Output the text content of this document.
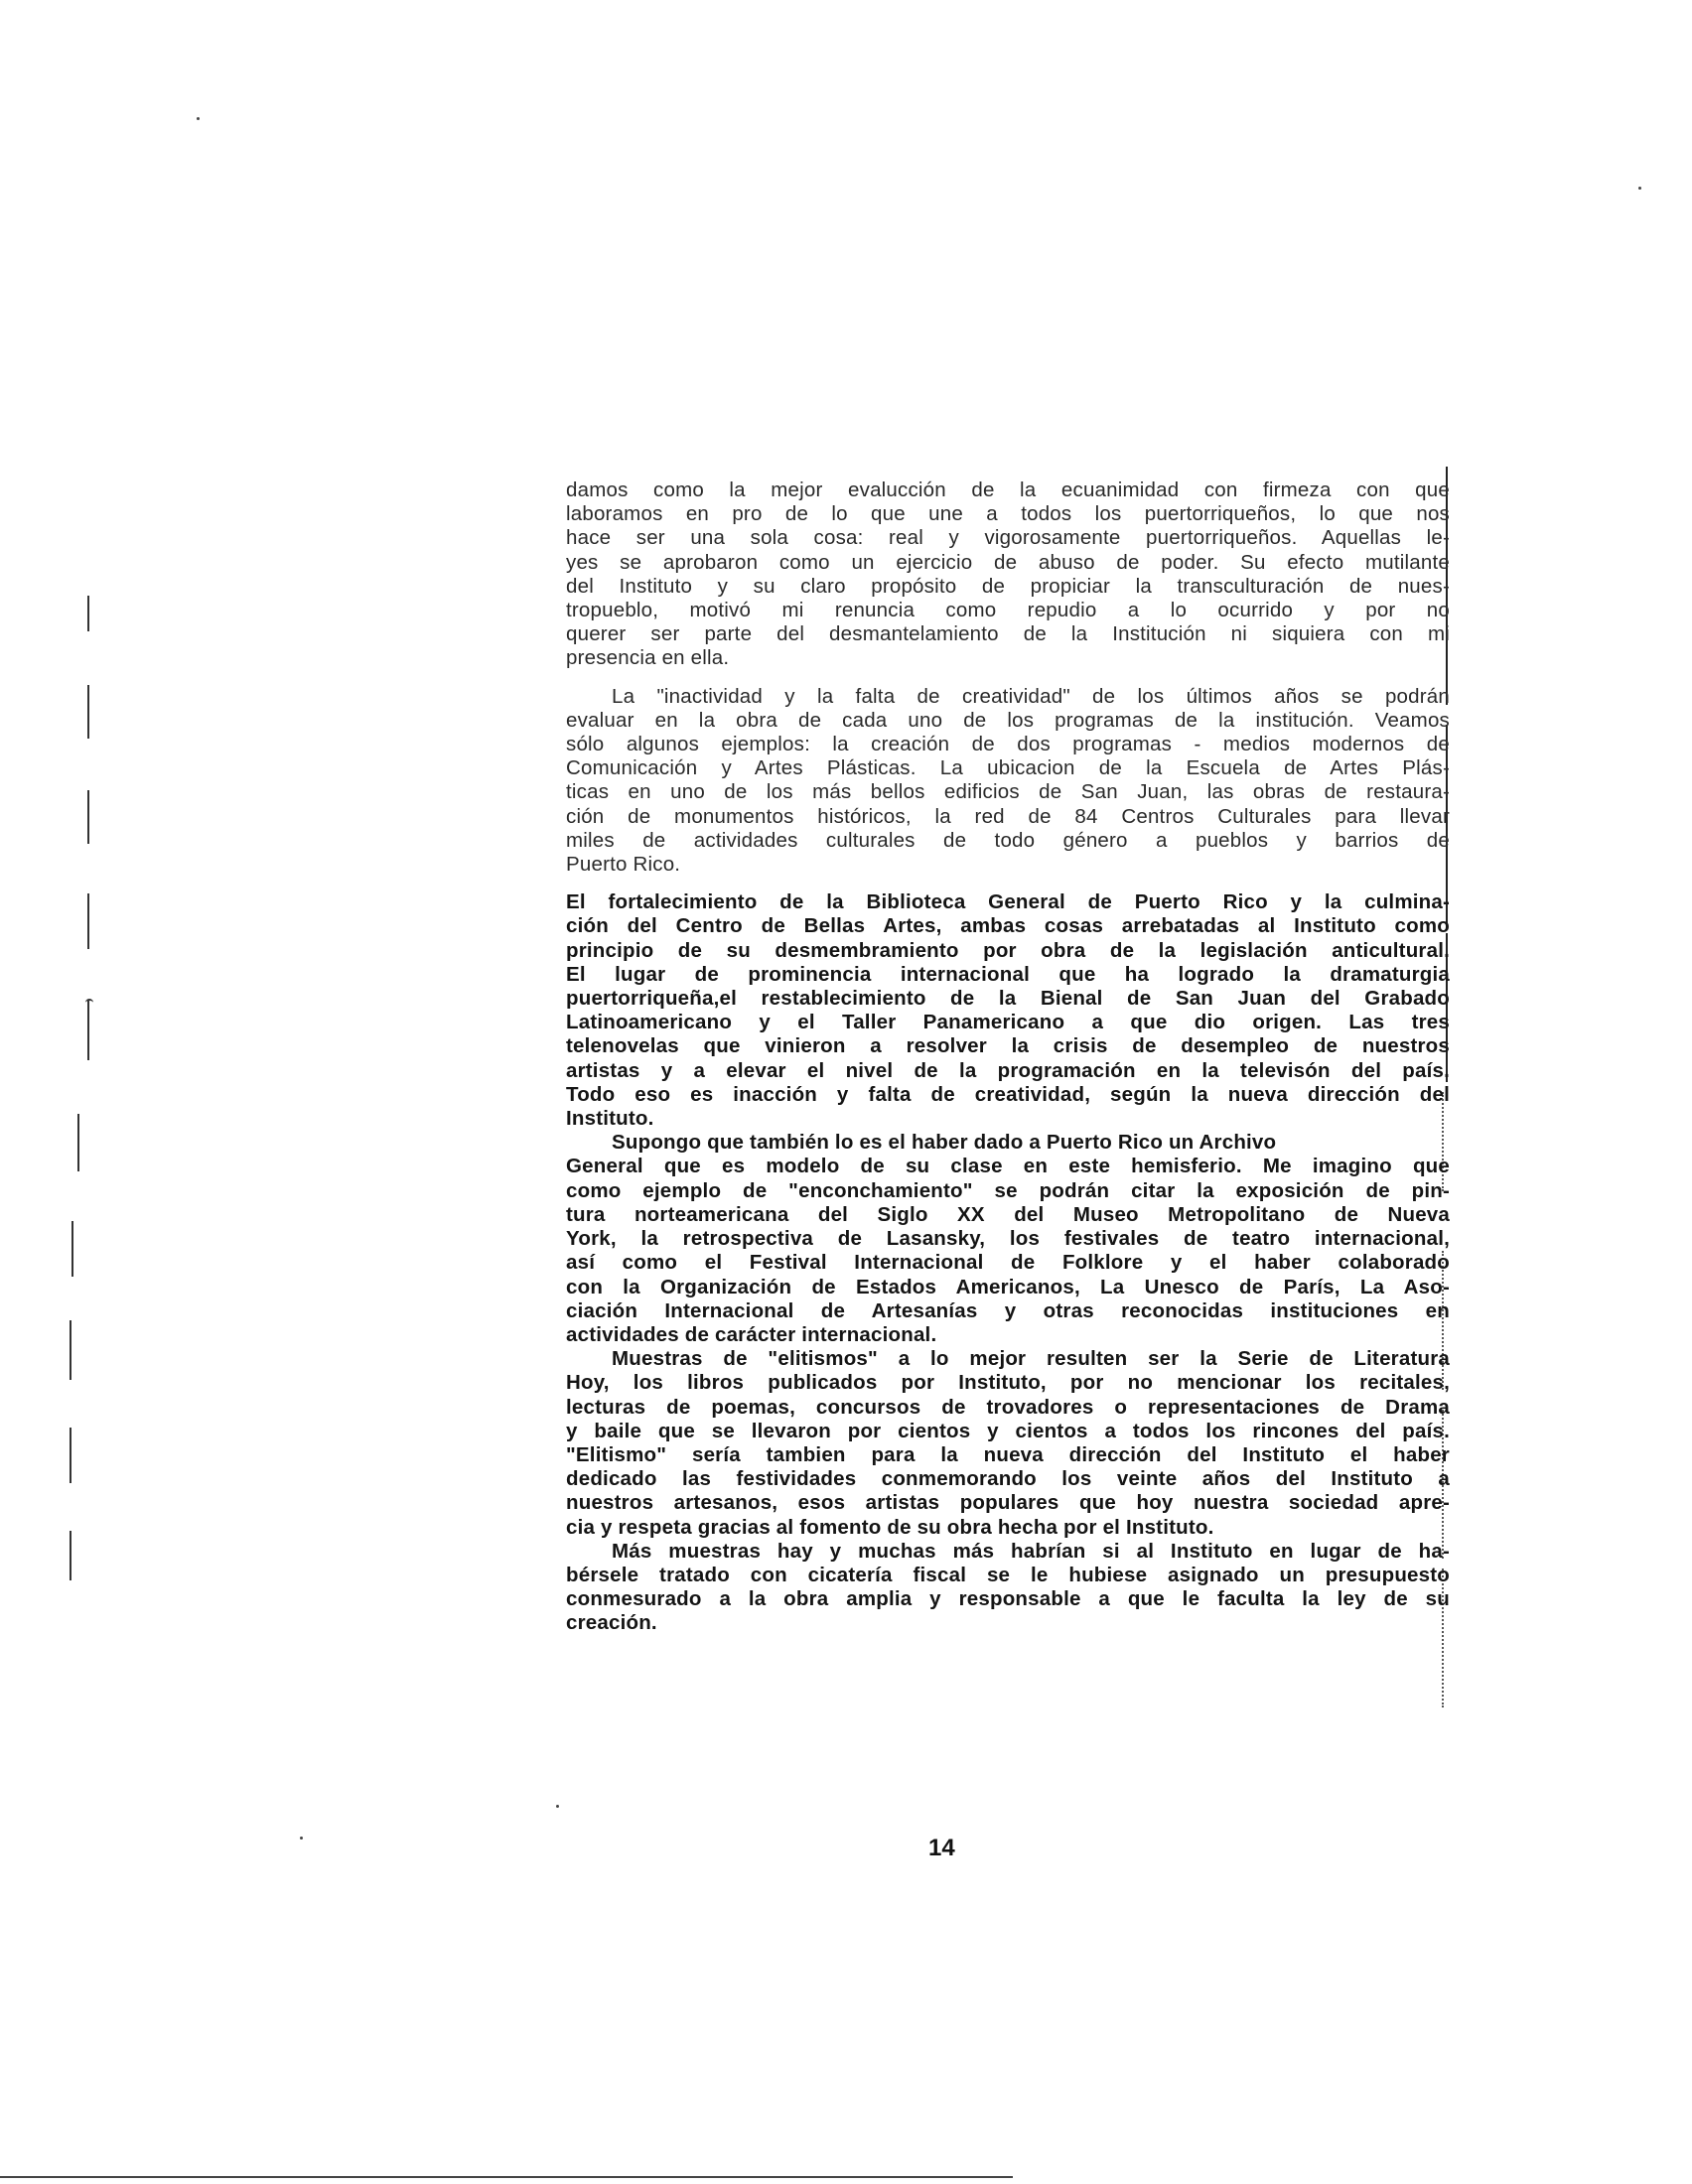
damos como la mejor evalucción de la ecuanimidad con firmeza con que
laboramos en pro de lo que une a todos los puertorriqueños, lo que nos
hace ser una sola cosa: real y vigorosamente puertorriqueños. Aquellas le-
yes se aprobaron como un ejercicio de abuso de poder. Su efecto mutilante
del Instituto y su claro propósito de propiciar la transculturación de nues-
tropueblo, motivó mi renuncia como repudio a lo ocurrido y por no
querer ser parte del desmantelamiento de la Institución ni siquiera con mi
presencia en ella.
La "inactividad y la falta de creatividad" de los últimos años se podrán
evaluar en la obra de cada uno de los programas de la institución. Veamos
sólo algunos ejemplos: la creación de dos programas - medios modernos de
Comunicación y Artes Plásticas. La ubicacion de la Escuela de Artes Plás-
ticas en uno de los más bellos edificios de San Juan, las obras de restaura-
ción de monumentos históricos, la red de 84 Centros Culturales para llevar
miles de actividades culturales de todo género a pueblos y barrios de
Puerto Rico.
El fortalecimiento de la Biblioteca General de Puerto Rico y la culmina-
ción del Centro de Bellas Artes, ambas cosas arrebatadas al Instituto como
principio de su desmembramiento por obra de la legislación anticultural.
El lugar de prominencia internacional que ha logrado la dramaturgia
puertorriqueña,el restablecimiento de la Bienal de San Juan del Grabado
Latinoamericano y el Taller Panamericano a que dio origen. Las tres
telenovelas que vinieron a resolver la crisis de desempleo de nuestros
artistas y a elevar el nivel de la programación en la televisón del país.
Todo eso es inacción y falta de creatividad, según la nueva dirección del
Instituto.
Supongo que también lo es el haber dado a Puerto Rico un Archivo
General que es modelo de su clase en este hemisferio. Me imagino que
como ejemplo de "enconchamiento" se podrán citar la exposición de pin-
tura norteamericana del Siglo XX del Museo Metropolitano de Nueva
York, la retrospectiva de Lasansky, los festivales de teatro internacional,
así como el Festival Internacional de Folklore y el haber colaborado
con la Organización de Estados Americanos, La Unesco de París, La Aso-
ciación Internacional de Artesanías y otras reconocidas instituciones en
actividades de carácter internacional.
Muestras de "elitismos" a lo mejor resulten ser la Serie de Literatura
Hoy, los libros publicados por Instituto, por no mencionar los recitales,
lecturas de poemas, concursos de trovadores o representaciones de Drama
y baile que se llevaron por cientos y cientos a todos los rincones del país.
"Elitismo" sería tambien para la nueva dirección del Instituto el haber
dedicado las festividades conmemorando los veinte años del Instituto a
nuestros artesanos, esos artistas populares que hoy nuestra sociedad apre-
cia y respeta gracias al fomento de su obra hecha por el Instituto.
Más muestras hay y muchas más habrían si al Instituto en lugar de ha-
bérsele tratado con cicatería fiscal se le hubiese asignado un presupuesto
conmesurado a la obra amplia y responsable a que le faculta la ley de su
creación.
14
